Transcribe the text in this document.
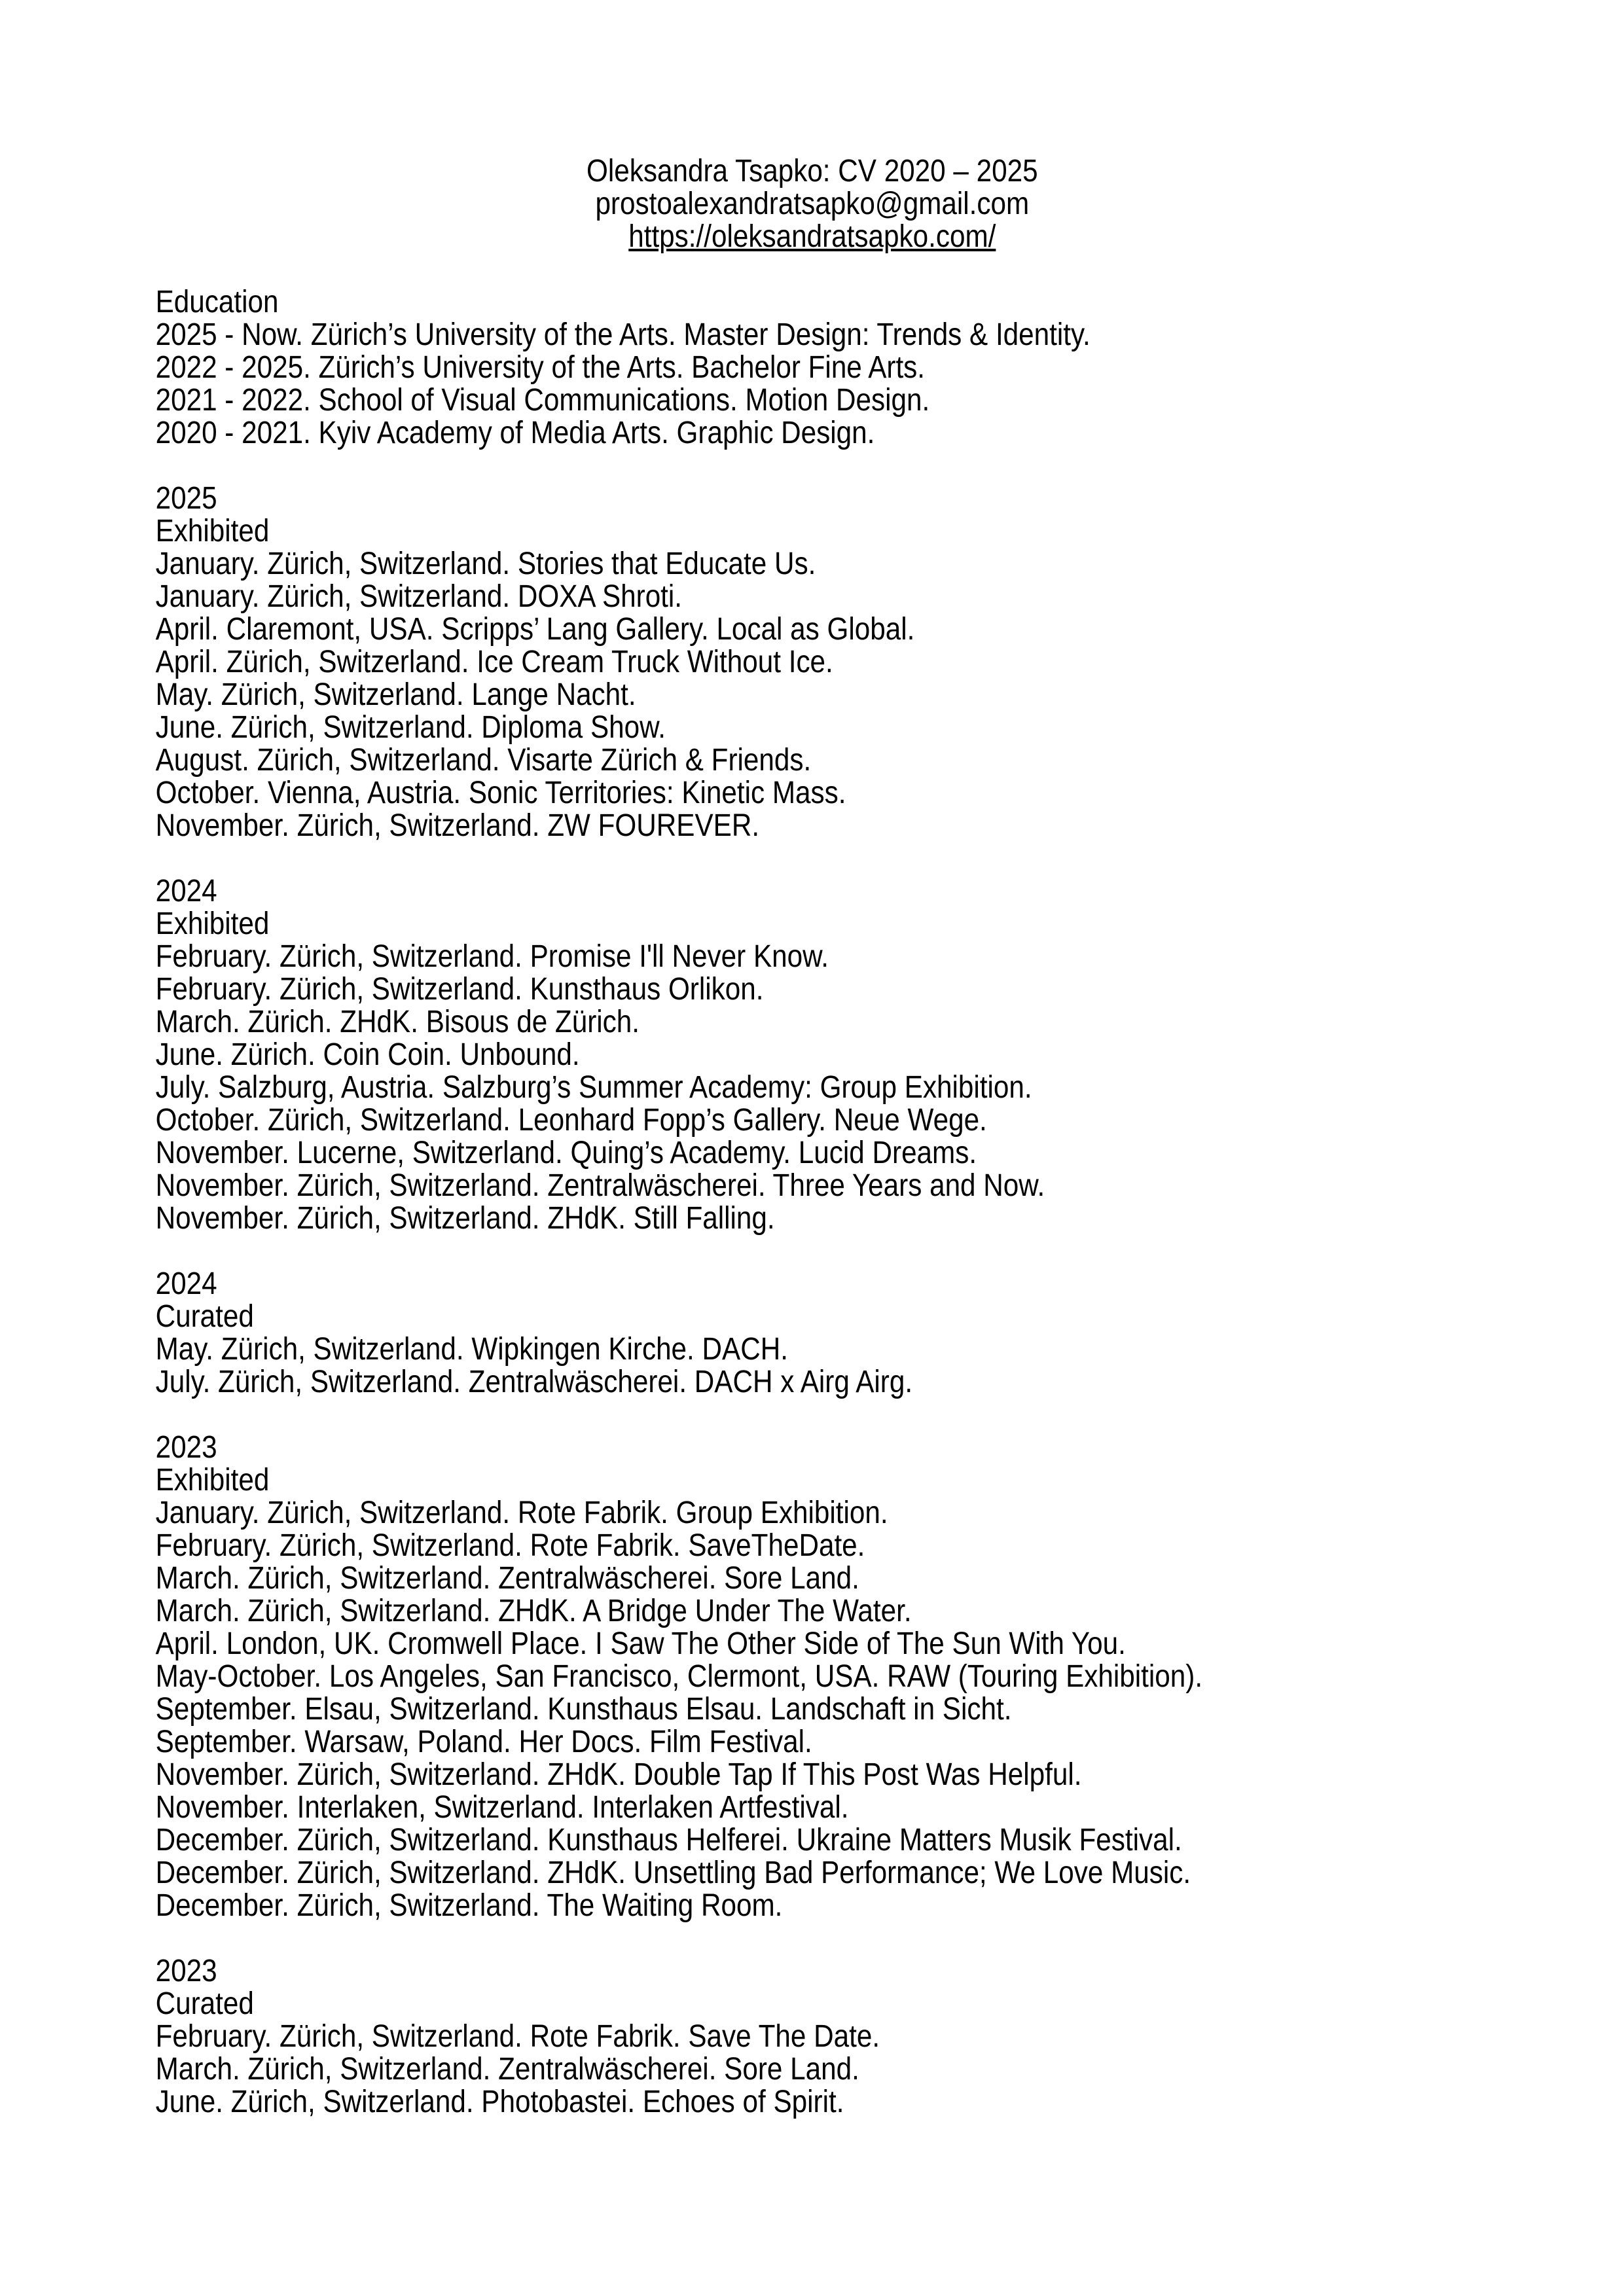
Oleksandra Tsapko: CV 2020 – 2025
prostoalexandratsapko@gmail.com
https://oleksandratsapko.com/
Education
2025 - Now. Zürich’s University of the Arts. Master Design: Trends & Identity.
2022 - 2025. Zürich’s University of the Arts. Bachelor Fine Arts.
2021 - 2022. School of Visual Communications. Motion Design.
2020 - 2021. Kyiv Academy of Media Arts. Graphic Design.
2025
Exhibited
January. Zürich, Switzerland. Stories that Educate Us.
January. Zürich, Switzerland. DOXA Shroti.
April. Claremont, USA. Scripps’ Lang Gallery. Local as Global.
April. Zürich, Switzerland. Ice Cream Truck Without Ice.
May. Zürich, Switzerland. Lange Nacht.
June. Zürich, Switzerland. Diploma Show.
August. Zürich, Switzerland. Visarte Zürich & Friends.
October. Vienna, Austria. Sonic Territories: Kinetic Mass.
November. Zürich, Switzerland. ZW FOUREVER.
2024
Exhibited
February. Zürich, Switzerland. Promise I'll Never Know.
February. Zürich, Switzerland. Kunsthaus Orlikon.
March. Zürich. ZHdK. Bisous de Zürich.
June. Zürich. Coin Coin. Unbound.
July. Salzburg, Austria. Salzburg’s Summer Academy: Group Exhibition.
October. Zürich, Switzerland. Leonhard Fopp’s Gallery. Neue Wege.
November. Lucerne, Switzerland. Quing’s Academy. Lucid Dreams.
November. Zürich, Switzerland. Zentralwäscherei. Three Years and Now.
November. Zürich, Switzerland. ZHdK. Still Falling.
2024
Curated
May. Zürich, Switzerland. Wipkingen Kirche. DACH.
July. Zürich, Switzerland. Zentralwäscherei. DACH x Airg Airg.
2023
Exhibited
January. Zürich, Switzerland. Rote Fabrik. Group Exhibition.
February. Zürich, Switzerland. Rote Fabrik. SaveTheDate.
March. Zürich, Switzerland. Zentralwäscherei. Sore Land.
March. Zürich, Switzerland. ZHdK. A Bridge Under The Water.
April. London, UK. Cromwell Place. I Saw The Other Side of The Sun With You.
May-October. Los Angeles, San Francisco, Clermont, USA. RAW (Touring Exhibition).
September. Elsau, Switzerland. Kunsthaus Elsau. Landschaft in Sicht.
September. Warsaw, Poland. Her Docs. Film Festival.
November. Zürich, Switzerland. ZHdK. Double Tap If This Post Was Helpful.
November. Interlaken, Switzerland. Interlaken Artfestival.
December. Zürich, Switzerland. Kunsthaus Helferei. Ukraine Matters Musik Festival.
December. Zürich, Switzerland. ZHdK. Unsettling Bad Performance; We Love Music.
December. Zürich, Switzerland. The Waiting Room.
2023
Curated
February. Zürich, Switzerland. Rote Fabrik. Save The Date.
March. Zürich, Switzerland. Zentralwäscherei. Sore Land.
June. Zürich, Switzerland. Photobastei. Echoes of Spirit.
